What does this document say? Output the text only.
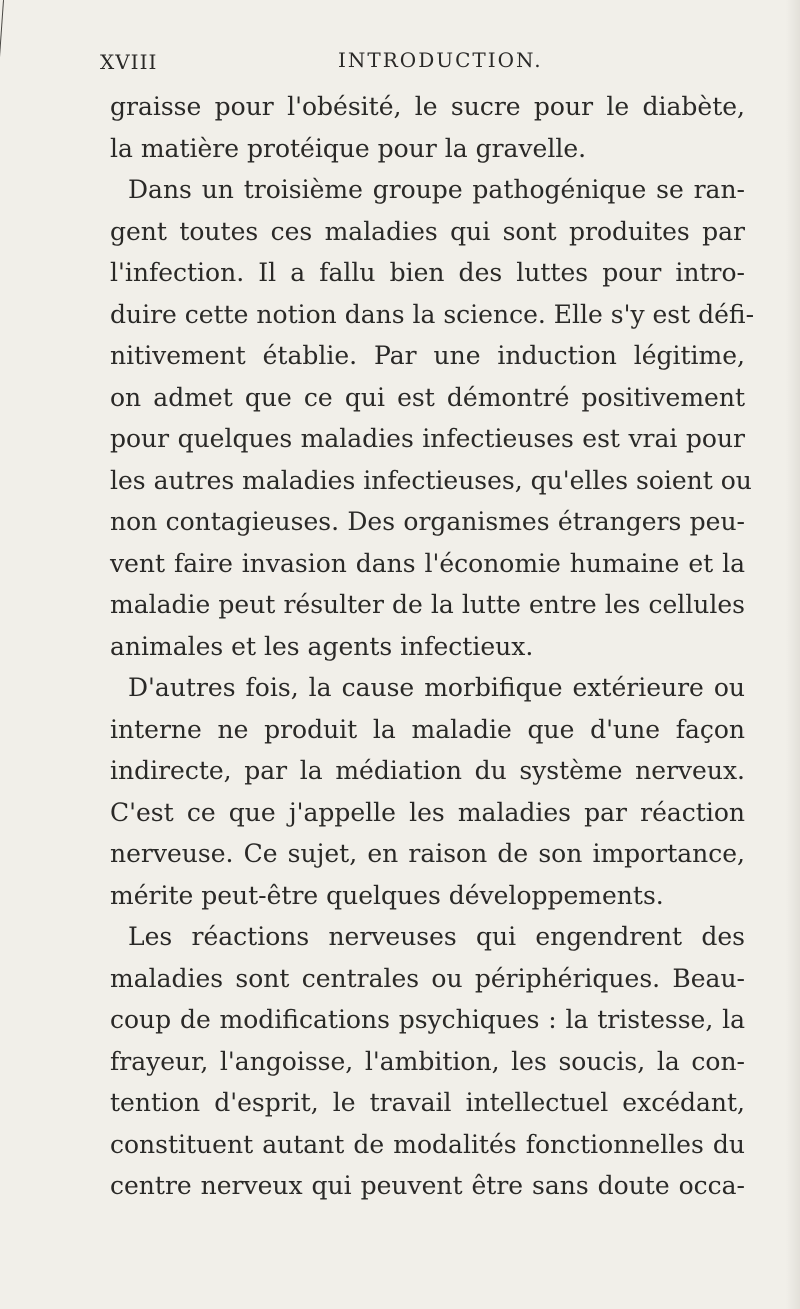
XVIII	INTRODUCTION.
graisse pour l'obésité, le sucre pour le diabète,
la matière protéique pour la gravelle.
Dans un troisième groupe pathogénique se ran-
gent toutes ces maladies qui sont produites par
l'infection. Il a fallu bien des luttes pour intro-
duire cette notion dans la science. Elle s'y est défi-
nitivement établie. Par une induction légitime,
on admet que ce qui est démontré positivement
pour quelques maladies infectieuses est vrai pour
les autres maladies infectieuses, qu'elles soient ou
non contagieuses. Des organismes étrangers peu-
vent faire invasion dans l'économie humaine et la
maladie peut résulter de la lutte entre les cellules
animales et les agents infectieux.
D'autres fois, la cause morbifique extérieure ou
interne ne produit la maladie que d'une façon
indirecte, par la médiation du système nerveux.
C'est ce que j'appelle les maladies par réaction
nerveuse. Ce sujet, en raison de son importance,
mérite peut-être quelques développements.
Les réactions nerveuses qui engendrent des
maladies sont centrales ou périphériques. Beau-
coup de modifications psychiques : la tristesse, la
frayeur, l'angoisse, l'ambition, les soucis, la con-
tention d'esprit, le travail intellectuel excédant,
constituent autant de modalités fonctionnelles du
centre nerveux qui peuvent être sans doute occa-
